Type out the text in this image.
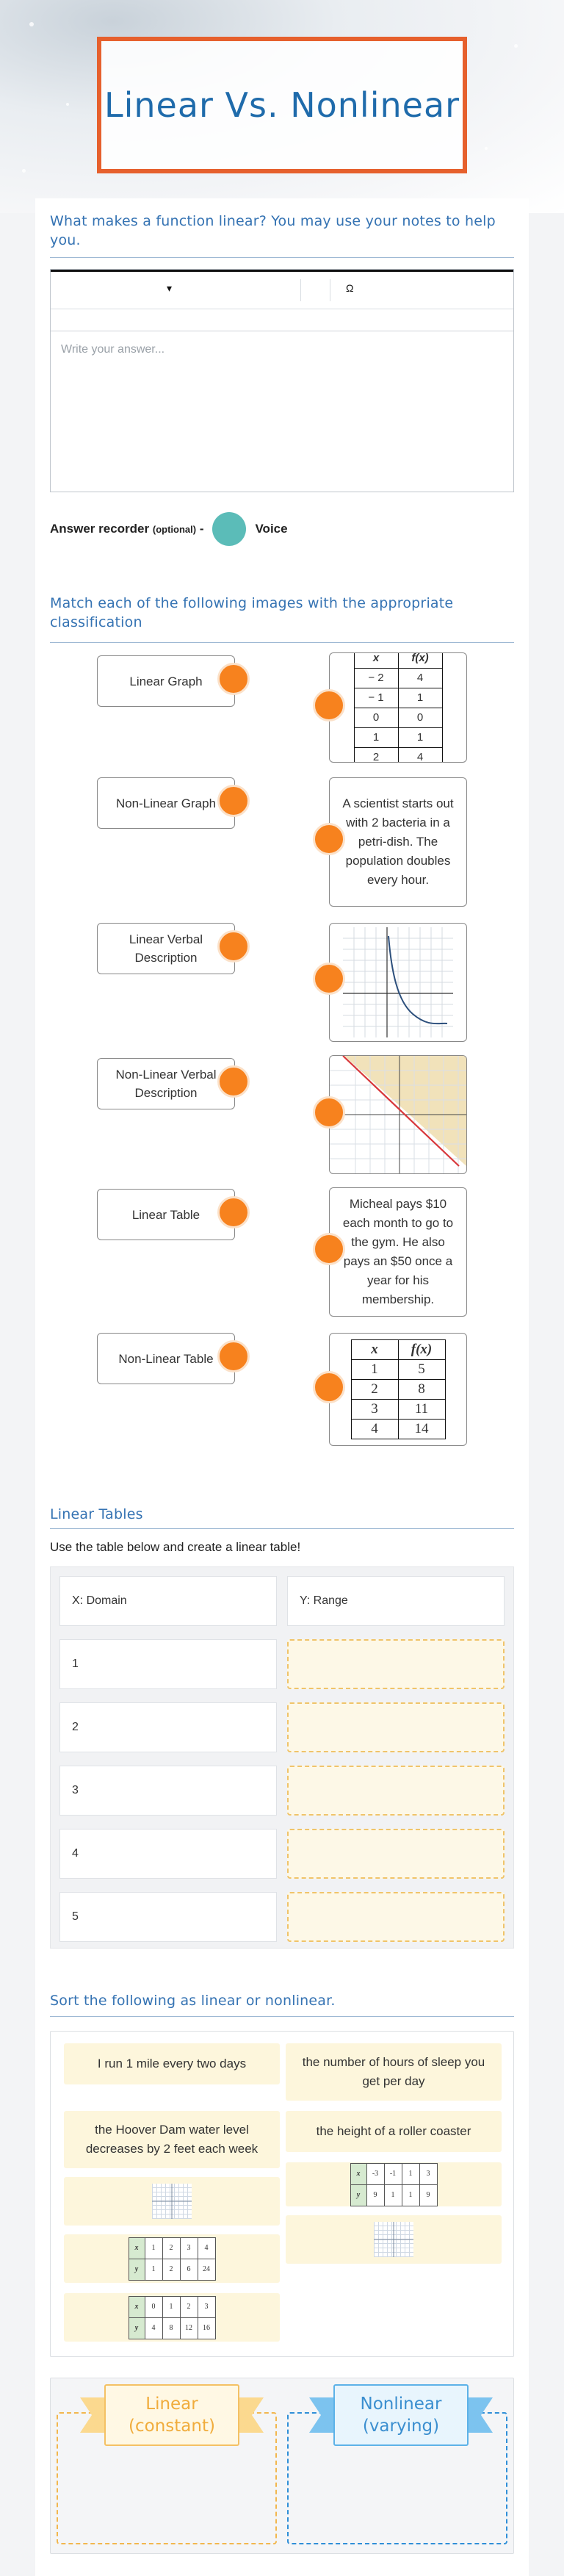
Linear Vs. Nonlinear
What makes a function linear? You may use your notes to help you.
▾	Ω
Write your answer...
Answer recorder (optional) -	Voice
Match each of the following images with the appropriate classification
Linear Graph
Non-Linear Graph
Linear Verbal Description
Non-Linear Verbal Description
Linear Table
Non-Linear Table
x	f(x)
− 2	4
− 1	1
0	0
1	1
2	4
A scientist starts out with 2 bacteria in a petri-dish. The population doubles every hour.
Micheal pays $10 each month to go to the gym. He also pays an $50 once a year for his membership.
x	f(x)
1	5
2	8
3	11
4	14
Linear Tables
Use the table below and create a linear table!
X: Domain	Y: Range
1
2
3
4
5
Sort the following as linear or nonlinear.
I run 1 mile every two days	the number of hours of sleep you get per day
the Hoover Dam water level decreases by 2 feet each week
the height of a roller coaster
x	-3	-1	1	3
y	9	1	1	9
x	1	2	3	4
y	1	2	6	24
x	0	1	2	3
y	4	8	12	16
Linear (constant)
Nonlinear (varying)
